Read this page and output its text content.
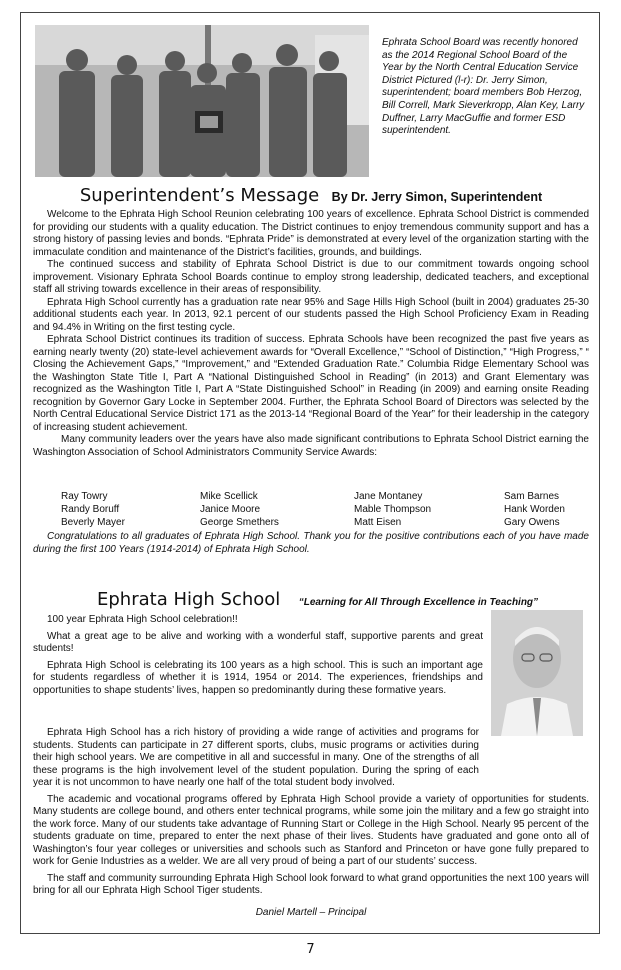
Ephrata School Board was recently honored as the 2014 Regional School Board of the Year by the North Central Education Service District Pictured (l-r): Dr. Jerry Simon, superintendent; board members Bob Herzog, Bill Correll, Mark Sieverkropp, Alan Key, Larry Duffner, Larry MacGuffie and former ESD superintendent.
Superintendent’s Message By Dr. Jerry Simon, Superintendent

Welcome to the Ephrata High School Reunion celebrating 100 years of excellence. Ephrata School District is commended for providing our students with a quality education. The District continues to enjoy tremendous community support and has a strong history of passing levies and bonds. “Ephrata Pride” is demonstrated at every level of the organization starting with the immaculate condition and maintenance of the District’s facilities, grounds, and buildings.

The continued success and stability of Ephrata School District is due to our commitment towards ongoing school improvement. Visionary Ephrata School Boards continue to employ strong leadership, dedicated teachers, and exceptional staff all striving towards excellence in their areas of responsibility.

Ephrata High School currently has a graduation rate near 95% and Sage Hills High School (built in 2004) graduates 25-30 additional students each year. In 2013, 92.1 percent of our students passed the High School Proficiency Exam in Reading and 94.4% in Writing on the first testing cycle.

Ephrata School District continues its tradition of success. Ephrata Schools have been recognized the past five years as earning nearly twenty (20) state-level achievement awards for “Overall Excellence,” “School of Distinction,” “High Progress,” “ Closing the Achievement Gaps,” “Improvement,” and “Extended Graduation Rate.” Columbia Ridge Elementary School was the Washington State Title I, Part A “National Distinguished School in Reading” (in 2013) and Grant Elementary was recognized as the Washington Title I, Part A “State Distinguished School” in Reading (in 2009) and earning onsite Reading recognition by Governor Gary Locke in September 2004. Further, the Ephrata School Board of Directors was selected by the North Central Educational Service District 171 as the 2013-14 “Regional Board of the Year” for their leadership in the category of increasing student achievement.

Many community leaders over the years have also made significant contributions to Ephrata School District earning the Washington Association of School Administrators Community Service Awards:

Ray Towry	Mike Scellick	Jane Montaney	Sam Barnes
Randy Boruff	Janice Moore	Mable Thompson	Hank Worden
Beverly Mayer	George Smethers	Matt Eisen	Gary Owens
Congratulations to all graduates of Ephrata High School. Thank you for the positive contributions each of you have made during the first 100 Years (1914-2014) of Ephrata High School.
Ephrata High School “Learning for All Through Excellence in Teaching”

100 year Ephrata High School celebration!!

What a great age to be alive and working with a wonderful staff, supportive parents and great students!

Ephrata High School is celebrating its 100 years as a high school. This is such an important age for students regardless of whether it is 1914, 1954 or 2014. The experiences, friendships and opportunities to shape students’ lives, happen so predominantly during these formative years.

Ephrata High School has a rich history of providing a wide range of activities and programs for students. Students can participate in 27 different sports, clubs, music programs or activities during their high school years. We are competitive in all and successful in many. One of the strengths of all these programs is the high involvement level of the student population. During the spring of each year it is not uncommon to have nearly one half of the total student body involved.

The academic and vocational programs offered by Ephrata High School provide a variety of opportunities for students. Many students are college bound, and others enter technical programs, while some join the military and a few go straight into the work force. Many of our students take advantage of Running Start or College in the High School. Nearly 95 percent of the students graduate on time, prepared to enter the next phase of their lives. Students have graduated and gone onto all of Washington’s four year colleges or universities and schools such as Stanford and Princeton or have gone fully prepared to work for Genie Industries as a welder. We are all very proud of being a part of our students’ success.

The staff and community surrounding Ephrata High School look forward to what grand opportunities the next 100 years will bring for all our Ephrata High School Tiger students.

Daniel Martell – Principal
7
